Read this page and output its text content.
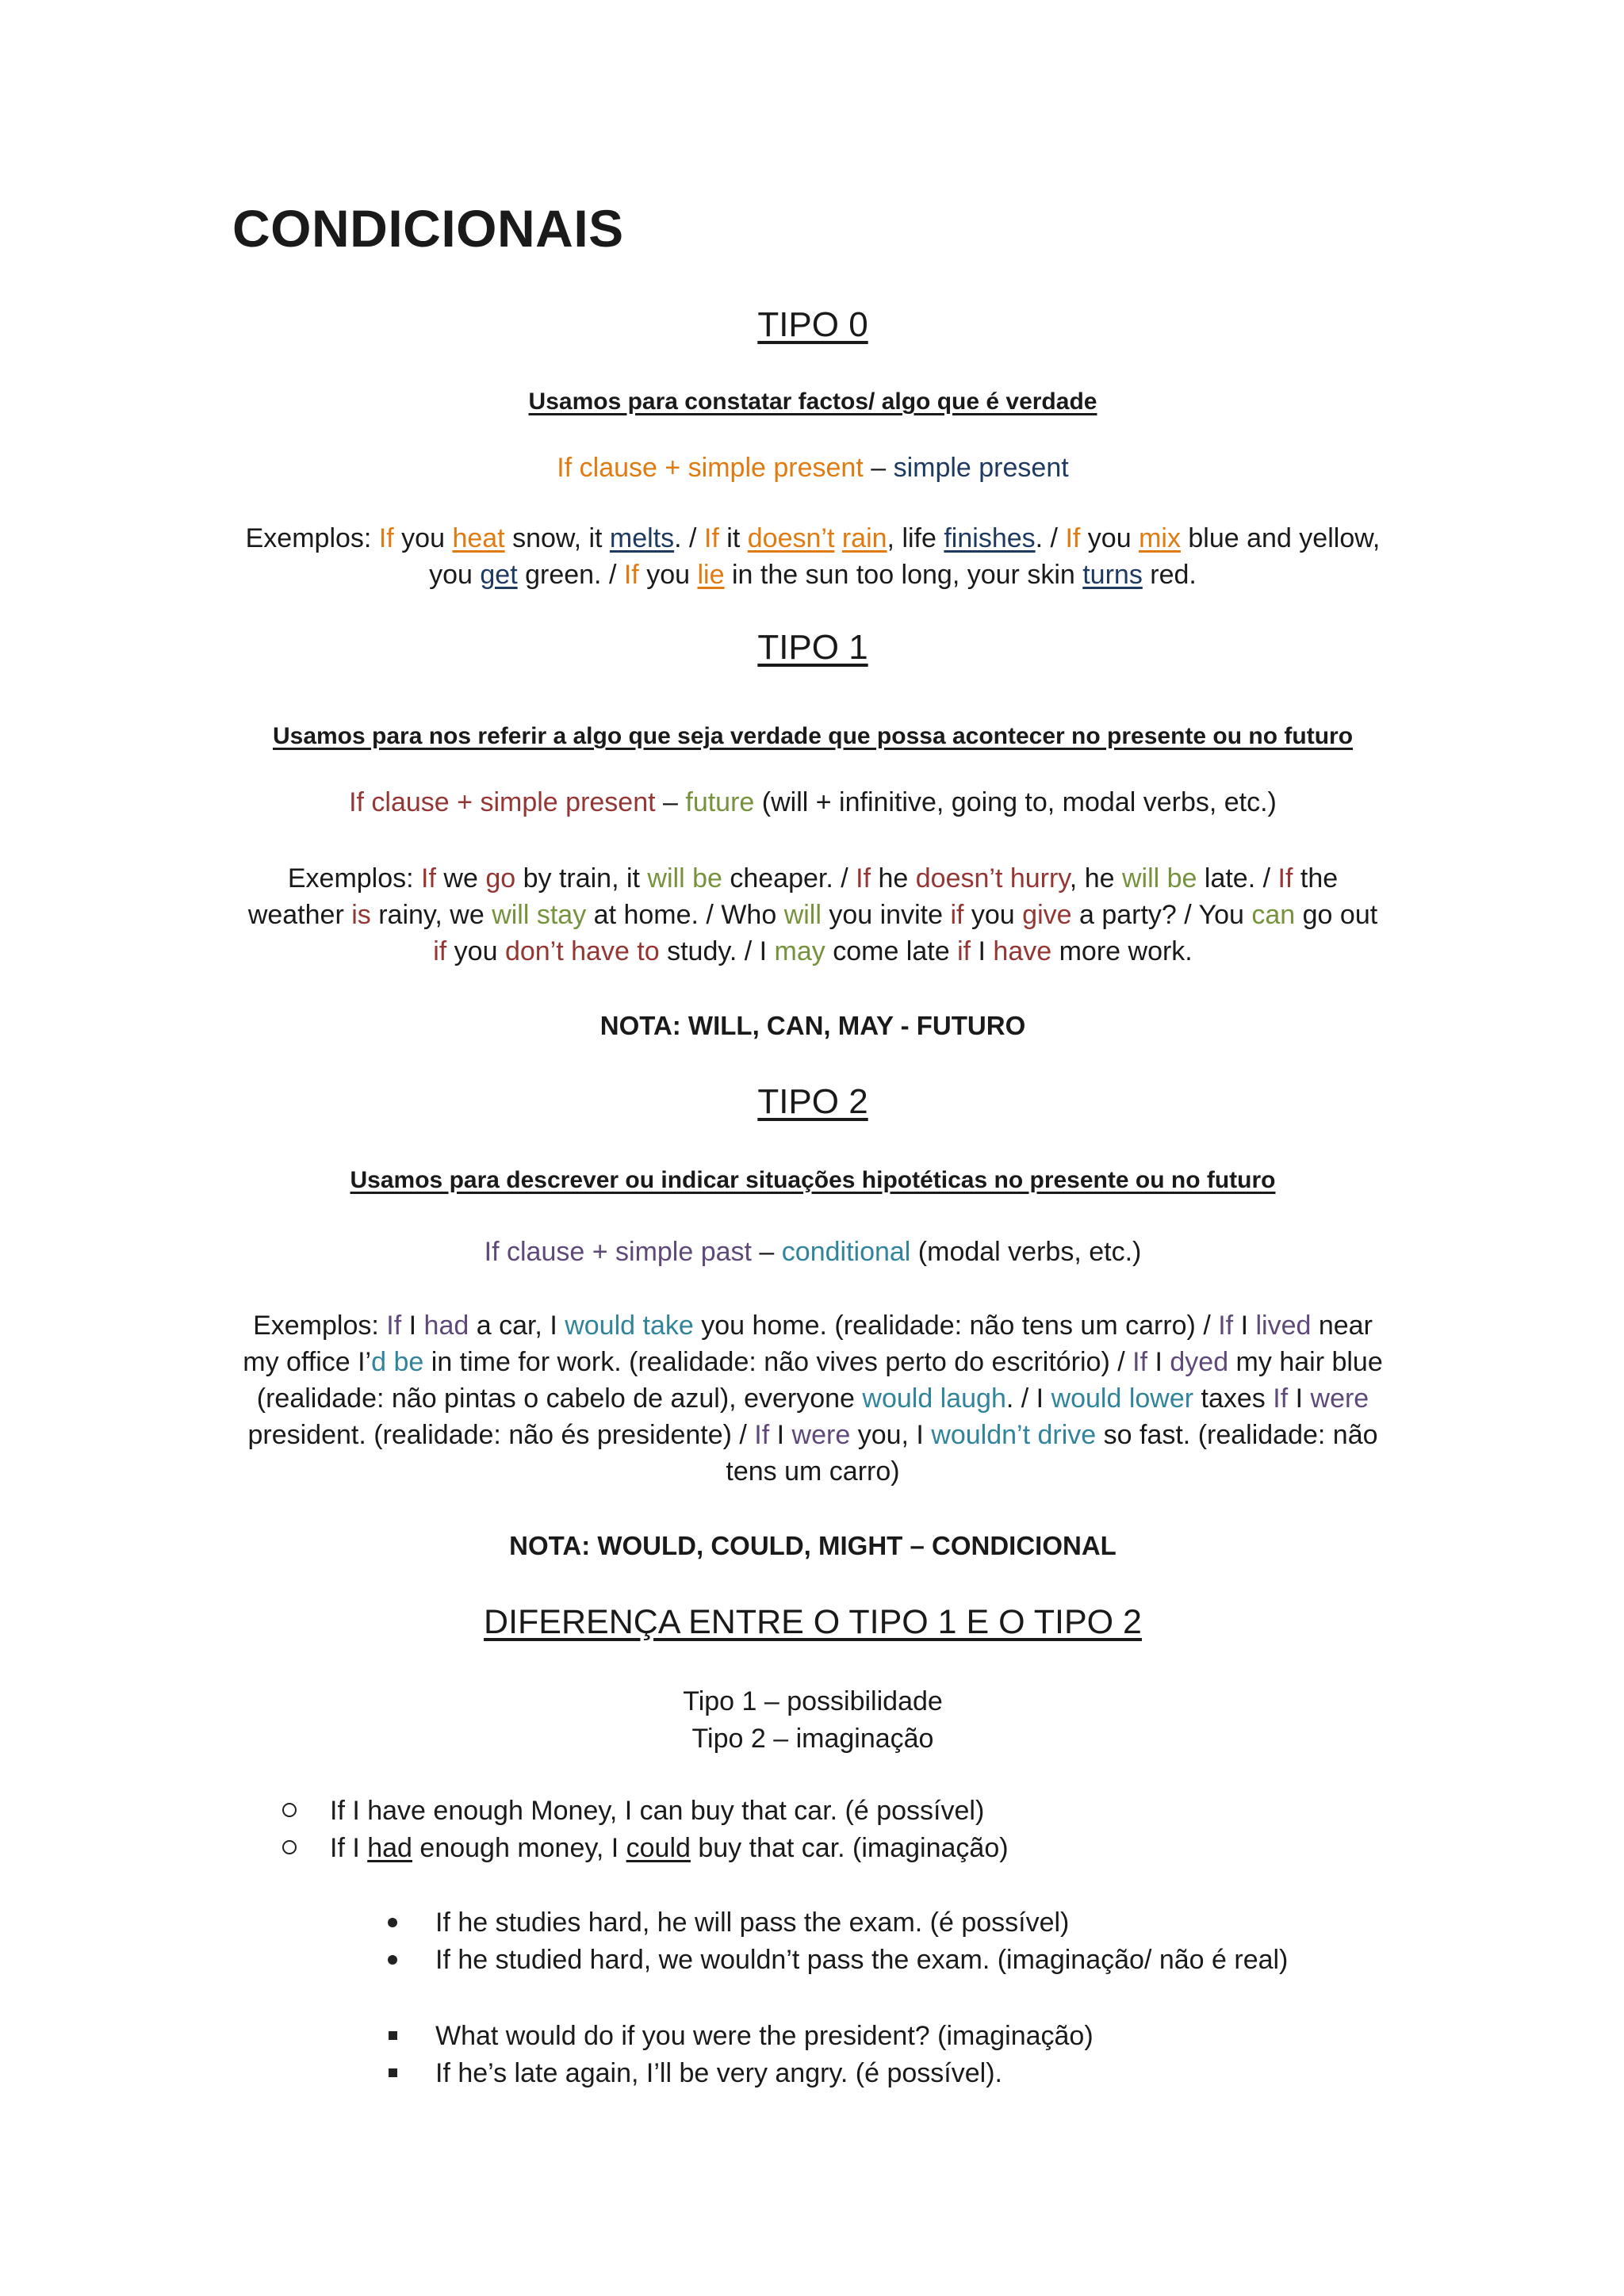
CONDICIONAIS
TIPO 0
Usamos para constatar factos/ algo que é verdade
If clause + simple present – simple present

Exemplos: If you heat snow, it melts. / If it doesn’t rain, life finishes. / If you mix blue and yellow, you get green. / If you lie in the sun too long, your skin turns red.

TIPO 1
Usamos para nos referir a algo que seja verdade que possa acontecer no presente ou no futuro
If clause + simple present – future (will + infinitive, going to, modal verbs, etc.)

Exemplos: If we go by train, it will be cheaper. / If he doesn’t hurry, he will be late. / If the weather is rainy, we will stay at home. / Who will you invite if you give a party? / You can go out if you don’t have to study. / I may come late if I have more work.

NOTA: WILL, CAN, MAY - FUTURO
TIPO 2
Usamos para descrever ou indicar situações hipotéticas no presente ou no futuro
If clause + simple past – conditional (modal verbs, etc.)

Exemplos: If I had a car, I would take you home. (realidade: não tens um carro) / If I lived near my office I’d be in time for work. (realidade: não vives perto do escritório) / If I dyed my hair blue (realidade: não pintas o cabelo de azul), everyone would laugh. / I would lower taxes If I were president. (realidade: não és presidente) / If I were you, I wouldn’t drive so fast. (realidade: não tens um carro)

NOTA: WOULD, COULD, MIGHT – CONDICIONAL
DIFERENÇA ENTRE O TIPO 1 E O TIPO 2
Tipo 1 – possibilidade
Tipo 2 – imaginação
If I have enough Money, I can buy that car. (é possível)
If I had enough money, I could buy that car. (imaginação)
If he studies hard, he will pass the exam. (é possível)
If he studied hard, we wouldn’t pass the exam. (imaginação/ não é real)
What would do if you were the president? (imaginação)
If he’s late again, I’ll be very angry. (é possível).
